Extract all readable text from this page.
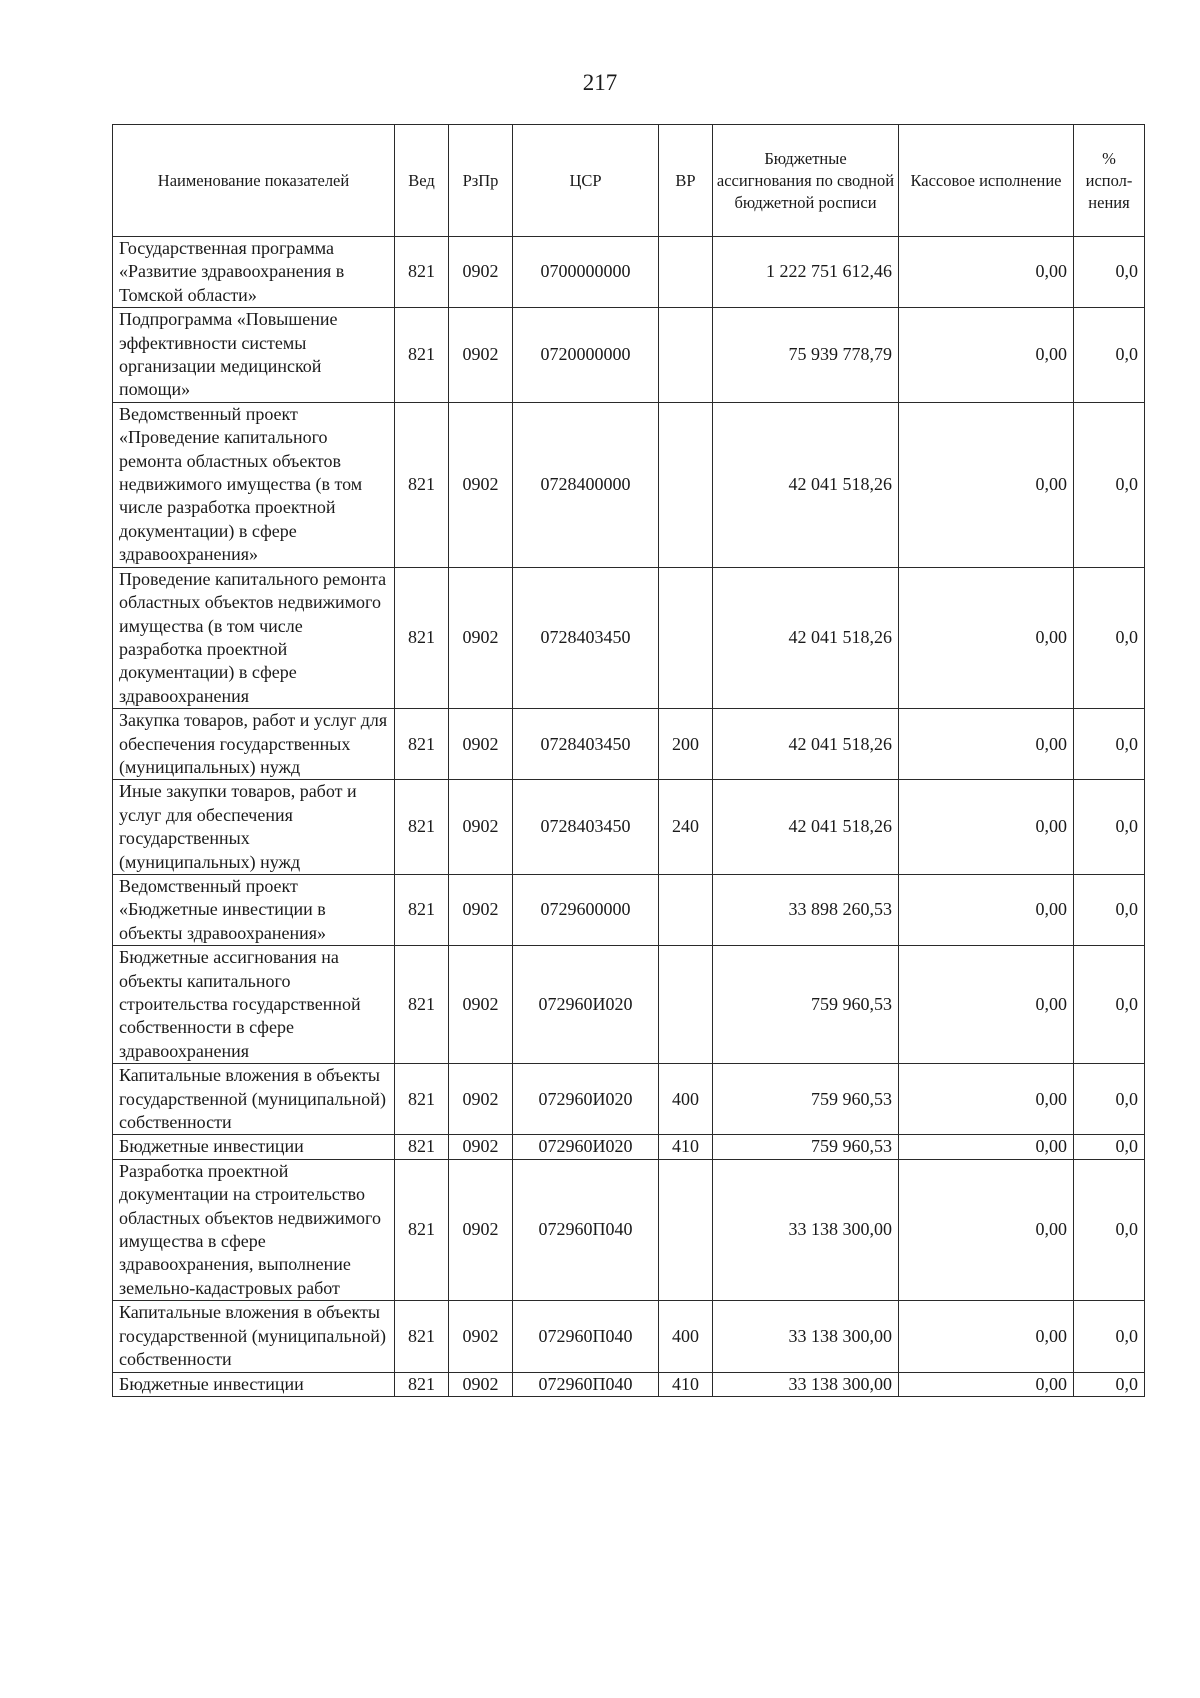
217
Наименование показателей	Вед	РзПр	ЦСР	ВР	Бюджетные ассигнования по сводной бюджетной росписи	Кассовое исполнение	% испол-нения
Государственная программа «Развитие здравоохранения в Томской области»	821	0902	0700000000		1 222 751 612,46	0,00	0,0
Подпрограмма «Повышение эффективности системы организации медицинской помощи»	821	0902	0720000000		75 939 778,79	0,00	0,0
Ведомственный проект «Проведение капитального ремонта областных объектов недвижимого имущества (в том числе разработка проектной документации) в сфере здравоохранения»	821	0902	0728400000		42 041 518,26	0,00	0,0
Проведение капитального ремонта областных объектов недвижимого имущества (в том числе разработка проектной документации) в сфере здравоохранения	821	0902	0728403450		42 041 518,26	0,00	0,0
Закупка товаров, работ и услуг для обеспечения государственных (муниципальных) нужд	821	0902	0728403450	200	42 041 518,26	0,00	0,0
Иные закупки товаров, работ и услуг для обеспечения государственных (муниципальных) нужд	821	0902	0728403450	240	42 041 518,26	0,00	0,0
Ведомственный проект «Бюджетные инвестиции в объекты здравоохранения»	821	0902	0729600000		33 898 260,53	0,00	0,0
Бюджетные ассигнования на объекты капитального строительства государственной собственности в сфере здравоохранения	821	0902	072960И020		759 960,53	0,00	0,0
Капитальные вложения в объекты государственной (муниципальной) собственности	821	0902	072960И020	400	759 960,53	0,00	0,0
Бюджетные инвестиции	821	0902	072960И020	410	759 960,53	0,00	0,0
Разработка проектной документации на строительство областных объектов недвижимого имущества в сфере здравоохранения, выполнение земельно-кадастровых работ	821	0902	072960П040		33 138 300,00	0,00	0,0
Капитальные вложения в объекты государственной (муниципальной) собственности	821	0902	072960П040	400	33 138 300,00	0,00	0,0
Бюджетные инвестиции	821	0902	072960П040	410	33 138 300,00	0,00	0,0
